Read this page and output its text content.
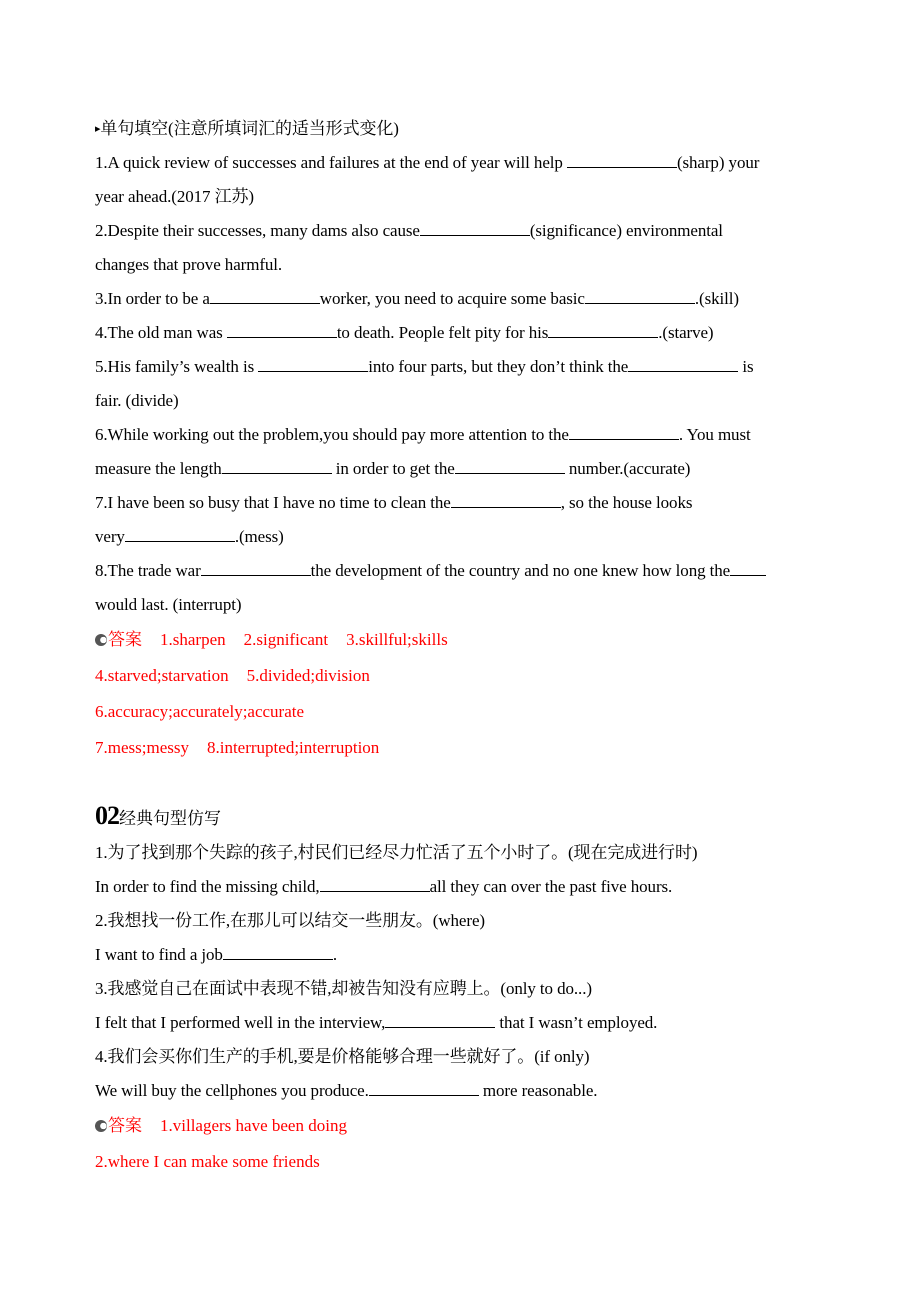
▸单句填空(注意所填词汇的适当形式变化)
1.A quick review of successes and failures at the end of year will help	(sharp) your
year ahead.(2017 江苏)
2.Despite their successes, many dams also cause	(significance) environmental
changes that prove harmful.
3.In order to be a	worker, you need to acquire some basic	.(skill)
4.The old man was	to death. People felt pity for his	.(starve)
5.His family’s wealth is	into four parts, but they don’t think the	is
fair. (divide)
6.While working out the problem,you should pay more attention to the	. You must
measure the length	in order to get the	number.(accurate)
7.I have been so busy that I have no time to clean the	, so the house looks
very	.(mess)
8.The trade war	the development of the country and no one knew how long the
would last. (interrupt)
答案 1.sharpen 2.significant 3.skillful;skills
4.starved;starvation 5.divided;division
6.accuracy;accurately;accurate
7.mess;messy 8.interrupted;interruption
02经典句型仿写
1.为了找到那个失踪的孩子,村民们已经尽力忙活了五个小时了。(现在完成进行时)
In order to find the missing child,	all they can over the past five hours.
2.我想找一份工作,在那儿可以结交一些朋友。(where)
I want to find a job	.
3.我感觉自己在面试中表现不错,却被告知没有应聘上。(only to do...)
I felt that I performed well in the interview,	that I wasn’t employed.
4.我们会买你们生产的手机,要是价格能够合理一些就好了。(if only)
We will buy the cellphones you produce.	more reasonable.
答案 1.villagers have been doing
2.where I can make some friends
